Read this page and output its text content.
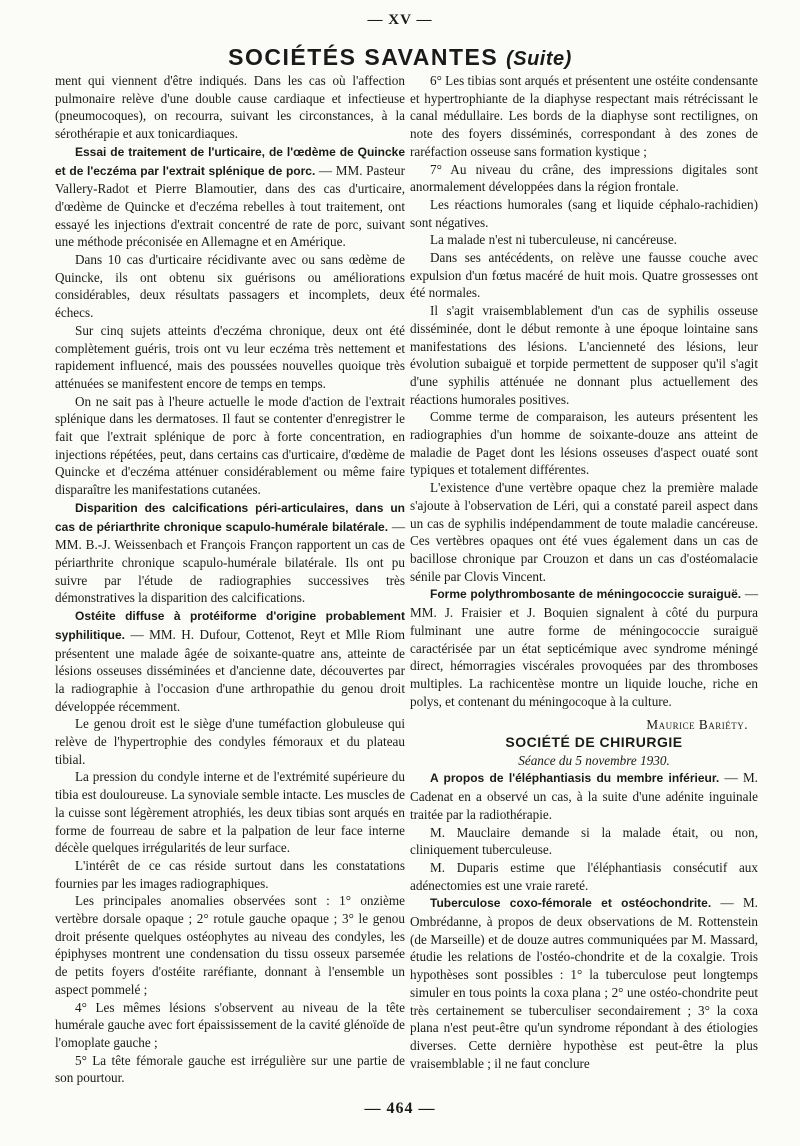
— XV —
SOCIÉTÉS SAVANTES (Suite)

ment qui viennent d'être indiqués. Dans les cas où l'affection pulmonaire relève d'une double cause cardiaque et infectieuse (pneumocoques), on recourra, suivant les circonstances, à la sérothérapie et aux tonicardiaques.

Essai de traitement de l'urticaire, de l'œdème de Quincke et de l'eczéma par l'extrait splénique de porc. — MM. Pasteur Vallery-Radot et Pierre Blamoutier, dans des cas d'urticaire, d'œdème de Quincke et d'eczéma rebelles à tout traitement, ont essayé les injections d'extrait concentré de rate de porc, suivant une méthode préconisée en Allemagne et en Amérique.

Dans 10 cas d'urticaire récidivante avec ou sans œdème de Quincke, ils ont obtenu six guérisons ou améliorations considérables, deux résultats passagers et incomplets, deux échecs.

Sur cinq sujets atteints d'eczéma chronique, deux ont été complètement guéris, trois ont vu leur eczéma très nettement et rapidement influencé, mais des poussées nouvelles quoique très atténuées se manifestent encore de temps en temps.

On ne sait pas à l'heure actuelle le mode d'action de l'extrait splénique dans les dermatoses. Il faut se contenter d'enregistrer le fait que l'extrait splénique de porc à forte concentration, en injections répétées, peut, dans certains cas d'urticaire, d'œdème de Quincke et d'eczéma atténuer considérablement ou même faire disparaître les manifestations cutanées.

Disparition des calcifications péri-articulaires, dans un cas de périarthrite chronique scapulo-humérale bilatérale. — MM. B.-J. Weissenbach et François Françon rapportent un cas de périarthrite chronique scapulo-humérale bilatérale. Ils ont pu suivre par l'étude de radiographies successives très démonstratives la disparition des calcifications.

Ostéite diffuse à protéiforme d'origine probablement syphilitique. — MM. H. Dufour, Cottenot, Reyt et Mlle Riom présentent une malade âgée de soixante-quatre ans, atteinte de lésions osseuses disséminées et d'ancienne date, découvertes par la radiographie à l'occasion d'une arthropathie du genou droit développée récemment.

Le genou droit est le siège d'une tuméfaction globuleuse qui relève de l'hypertrophie des condyles fémoraux et du plateau tibial.

La pression du condyle interne et de l'extrémité supérieure du tibia est douloureuse. La synoviale semble intacte. Les muscles de la cuisse sont légèrement atrophiés, les deux tibias sont arqués en forme de fourreau de sabre et la palpation de leur face interne décèle quelques irrégularités de leur surface.

L'intérêt de ce cas réside surtout dans les constatations fournies par les images radiographiques.

Les principales anomalies observées sont : 1° onzième vertèbre dorsale opaque ; 2° rotule gauche opaque ; 3° le genou droit présente quelques ostéophytes au niveau des condyles, les épiphyses montrent une condensation du tissu osseux parsemée de petits foyers d'ostéite raréfiante, donnant à l'ensemble un aspect pommelé ;

4° Les mêmes lésions s'observent au niveau de la tête humérale gauche avec fort épaississement de la cavité glénoïde de l'omoplate gauche ;

5° La tête fémorale gauche est irrégulière sur une partie de son pourtour.

6° Les tibias sont arqués et présentent une ostéite condensante et hypertrophiante de la diaphyse respectant mais rétrécissant le canal médullaire. Les bords de la diaphyse sont rectilignes, on note des foyers disséminés, correspondant à des zones de raréfaction osseuse sans formation kystique ;

7° Au niveau du crâne, des impressions digitales sont anormalement développées dans la région frontale.

Les réactions humorales (sang et liquide céphalo-rachidien) sont négatives.

La malade n'est ni tuberculeuse, ni cancéreuse.

Dans ses antécédents, on relève une fausse couche avec expulsion d'un fœtus macéré de huit mois. Quatre grossesses ont été normales.

Il s'agit vraisemblablement d'un cas de syphilis osseuse disséminée, dont le début remonte à une époque lointaine sans manifestations des lésions. L'ancienneté des lésions, leur évolution subaiguë et torpide permettent de supposer qu'il s'agit d'une syphilis atténuée ne donnant plus actuellement des réactions humorales positives.

Comme terme de comparaison, les auteurs présentent les radiographies d'un homme de soixante-douze ans atteint de maladie de Paget dont les lésions osseuses d'aspect ouaté sont typiques et totalement différentes.

L'existence d'une vertèbre opaque chez la première malade s'ajoute à l'observation de Léri, qui a constaté pareil aspect dans un cas de syphilis indépendamment de toute maladie cancéreuse. Ces vertèbres opaques ont été vues également dans un cas de bacillose chronique par Crouzon et dans un cas d'ostéomalacie sénile par Clovis Vincent.

Forme polythrombosante de méningococcie suraiguë. — MM. J. Fraisier et J. Boquien signalent à côté du purpura fulminant une autre forme de méningococcie suraiguë caractérisée par un état septicémique avec syndrome méningé direct, hémorragies viscérales provoquées par des thromboses multiples. La rachicentèse montre un liquide louche, riche en polys, et contenant du méningocoque à la culture.

Maurice Bariéty.

SOCIÉTÉ DE CHIRURGIE

Séance du 5 novembre 1930.

A propos de l'éléphantiasis du membre inférieur. — M. Cadenat en a observé un cas, à la suite d'une adénite inguinale traitée par la radiothérapie.

M. Mauclaire demande si la malade était, ou non, cliniquement tuberculeuse.

M. Duparis estime que l'éléphantiasis consécutif aux adénectomies est une vraie rareté.

Tuberculose coxo-fémorale et ostéochondrite. — M. Ombrédanne, à propos de deux observations de M. Rottenstein (de Marseille) et de douze autres communiquées par M. Massard, étudie les relations de l'ostéo-chondrite et de la coxalgie. Trois hypothèses sont possibles : 1° la tuberculose peut longtemps simuler en tous points la coxa plana ; 2° une ostéo-chondrite peut très certainement se tuberculiser secondairement ; 3° la coxa plana n'est peut-être qu'un syndrome répondant à des étiologies diverses. Cette dernière hypothèse est peut-être la plus vraisemblable ; il ne faut conclure

— 464 —
